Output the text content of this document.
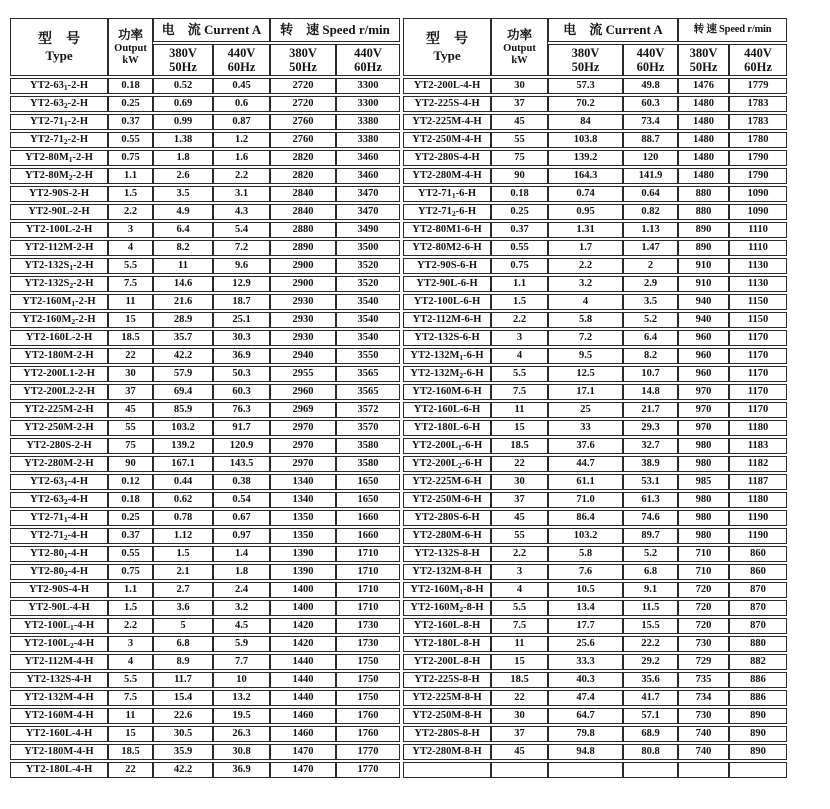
型　号
Type

功率
Output
kW
	电　流 Current A	转　速 Speed r/min

380V
50Hz

440V
60Hz

380V
50Hz

440V
60Hz

$YT2-63_1-2-H$	0.18	0.52	0.45	2720	3300
$YT2-63_2-2-H$	0.25	0.69	0.6	2720	3300
$YT2-71_1-2-H$	0.37	0.99	0.87	2760	3380
$YT2-71_2-2-H$	0.55	1.38	1.2	2760	3380
$YT2-80M_1-2-H$	0.75	1.8	1.6	2820	3460
$YT2-80M_2-2-H$	1.1	2.6	2.2	2820	3460
YT2-90S-2-H	1.5	3.5	3.1	2840	3470
YT2-90L-2-H	2.2	4.9	4.3	2840	3470
YT2-100L-2-H	3	6.4	5.4	2880	3490
YT2-112M-2-H	4	8.2	7.2	2890	3500
$YT2-132S_1-2-H$	5.5	11	9.6	2900	3520
$YT2-132S_2-2-H$	7.5	14.6	12.9	2900	3520
$YT2-160M_1-2-H$	11	21.6	18.7	2930	3540
$YT2-160M_2-2-H$	15	28.9	25.1	2930	3540
YT2-160L-2-H	18.5	35.7	30.3	2930	3540
YT2-180M-2-H	22	42.2	36.9	2940	3550
YT2-200L1-2-H	30	57.9	50.3	2955	3565
YT2-200L2-2-H	37	69.4	60.3	2960	3565
YT2-225M-2-H	45	85.9	76.3	2969	3572
YT2-250M-2-H	55	103.2	91.7	2970	3570
YT2-280S-2-H	75	139.2	120.9	2970	3580
YT2-280M-2-H	90	167.1	143.5	2970	3580
$YT2-63_1-4-H$	0.12	0.44	0.38	1340	1650
$YT2-63_2-4-H$	0.18	0.62	0.54	1340	1650
$YT2-71_1-4-H$	0.25	0.78	0.67	1350	1660
$YT2-71_2-4-H$	0.37	1.12	0.97	1350	1660
$YT2-80_1-4-H$	0.55	1.5	1.4	1390	1710
$YT2-80_2-4-H$	0.75	2.1	1.8	1390	1710
YT2-90S-4-H	1.1	2.7	2.4	1400	1710
YT2-90L-4-H	1.5	3.6	3.2	1400	1710
$YT2-100L_1-4-H$	2.2	5	4.5	1420	1730
$YT2-100L_2-4-H$	3	6.8	5.9	1420	1730
YT2-112M-4-H	4	8.9	7.7	1440	1750
YT2-132S-4-H	5.5	11.7	10	1440	1750
YT2-132M-4-H	7.5	15.4	13.2	1440	1750
YT2-160M-4-H	11	22.6	19.5	1460	1760
YT2-160L-4-H	15	30.5	26.3	1460	1760
YT2-180M-4-H	18.5	35.9	30.8	1470	1770
YT2-180L-4-H	22	42.2	36.9	1470	1770
型　号
Type

功率
Output
kW
	电　流 Current A	转 速 Speed r/min

380V
50Hz

440V
60Hz

380V
50Hz

440V
60Hz

YT2-200L-4-H	30	57.3	49.8	1476	1779
YT2-225S-4-H	37	70.2	60.3	1480	1783
YT2-225M-4-H	45	84	73.4	1480	1783
YT2-250M-4-H	55	103.8	88.7	1480	1780
YT2-280S-4-H	75	139.2	120	1480	1790
YT2-280M-4-H	90	164.3	141.9	1480	1790
$YT2-71_1-6-H$	0.18	0.74	0.64	880	1090
$YT2-71_2-6-H$	0.25	0.95	0.82	880	1090
YT2-80M1-6-H	0.37	1.31	1.13	890	1110
YT2-80M2-6-H	0.55	1.7	1.47	890	1110
YT2-90S-6-H	0.75	2.2	2	910	1130
YT2-90L-6-H	1.1	3.2	2.9	910	1130
YT2-100L-6-H	1.5	4	3.5	940	1150
YT2-112M-6-H	2.2	5.8	5.2	940	1150
YT2-132S-6-H	3	7.2	6.4	960	1170
$YT2-132M_1-6-H$	4	9.5	8.2	960	1170
$YT2-132M_2-6-H$	5.5	12.5	10.7	960	1170
YT2-160M-6-H	7.5	17.1	14.8	970	1170
YT2-160L-6-H	11	25	21.7	970	1170
YT2-180L-6-H	15	33	29.3	970	1180
$YT2-200L_1-6-H$	18.5	37.6	32.7	980	1183
$YT2-200L_2-6-H$	22	44.7	38.9	980	1182
YT2-225M-6-H	30	61.1	53.1	985	1187
YT2-250M-6-H	37	71.0	61.3	980	1180
YT2-280S-6-H	45	86.4	74.6	980	1190
YT2-280M-6-H	55	103.2	89.7	980	1190
YT2-132S-8-H	2.2	5.8	5.2	710	860
YT2-132M-8-H	3	7.6	6.8	710	860
$YT2-160M_1-8-H$	4	10.5	9.1	720	870
$YT2-160M_2-8-H$	5.5	13.4	11.5	720	870
YT2-160L-8-H	7.5	17.7	15.5	720	870
YT2-180L-8-H	11	25.6	22.2	730	880
YT2-200L-8-H	15	33.3	29.2	729	882
YT2-225S-8-H	18.5	40.3	35.6	735	886
YT2-225M-8-H	22	47.4	41.7	734	886
YT2-250M-8-H	30	64.7	57.1	730	890
YT2-280S-8-H	37	79.8	68.9	740	890
YT2-280M-8-H	45	94.8	80.8	740	890
